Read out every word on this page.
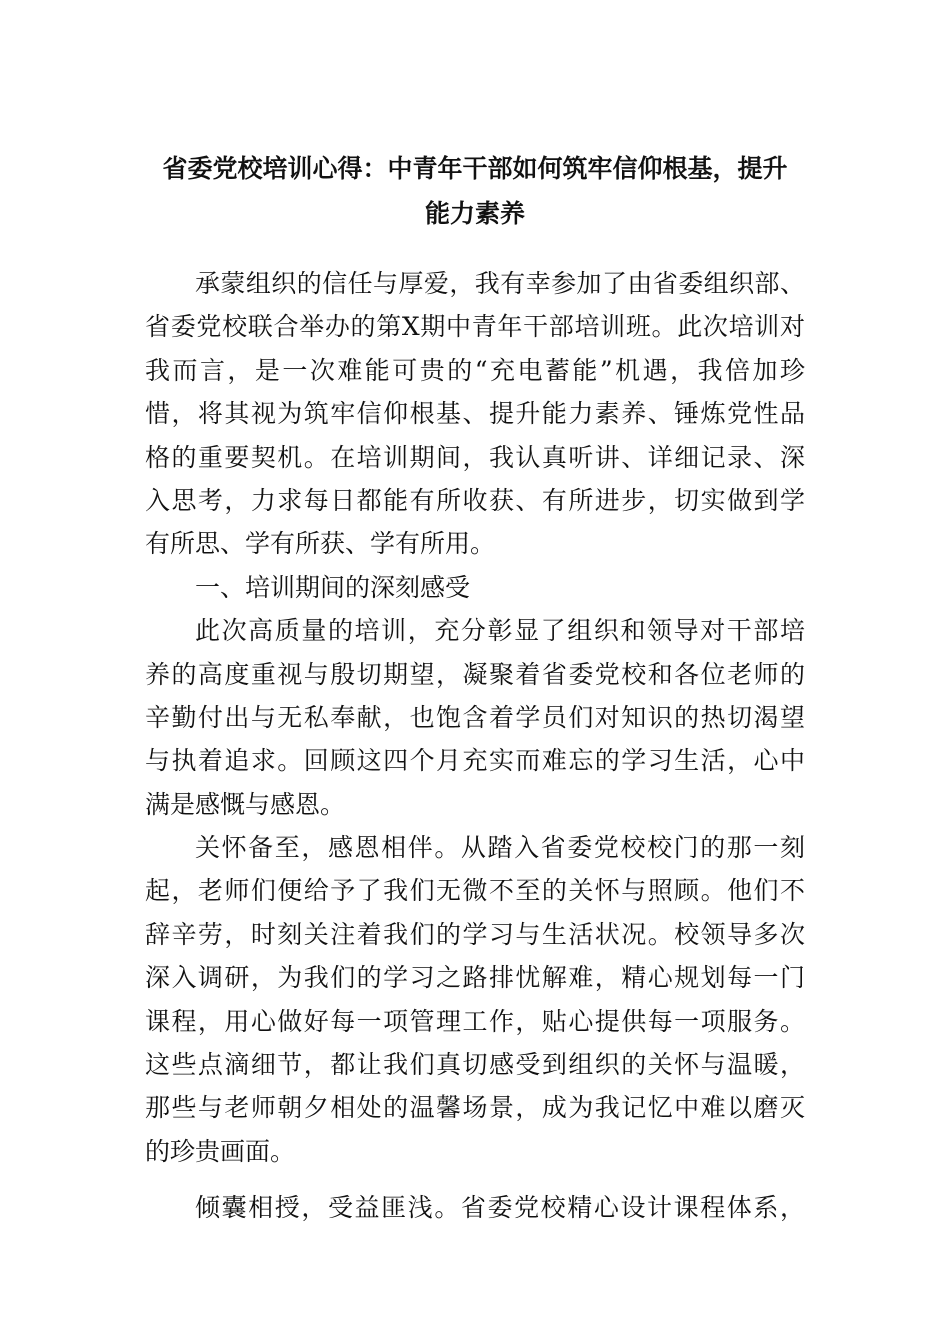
省委党校培训心得：中青年干部如何筑牢信仰根基，提升
能力素养
承蒙组织的信任与厚爱，我有幸参加了由省委组织部、
省委党校联合举办的第X期中青年干部培训班。此次培训对
我而言，是一次难能可贵的“充电蓄能”机遇，我倍加珍
惜，将其视为筑牢信仰根基、提升能力素养、锤炼党性品
格的重要契机。在培训期间，我认真听讲、详细记录、深
入思考，力求每日都能有所收获、有所进步，切实做到学
有所思、学有所获、学有所用。
一、培训期间的深刻感受
此次高质量的培训，充分彰显了组织和领导对干部培
养的高度重视与殷切期望，凝聚着省委党校和各位老师的
辛勤付出与无私奉献，也饱含着学员们对知识的热切渴望
与执着追求。回顾这四个月充实而难忘的学习生活，心中
满是感慨与感恩。
关怀备至，感恩相伴。从踏入省委党校校门的那一刻
起，老师们便给予了我们无微不至的关怀与照顾。他们不
辞辛劳，时刻关注着我们的学习与生活状况。校领导多次
深入调研，为我们的学习之路排忧解难，精心规划每一门
课程，用心做好每一项管理工作，贴心提供每一项服务。
这些点滴细节，都让我们真切感受到组织的关怀与温暖，
那些与老师朝夕相处的温馨场景，成为我记忆中难以磨灭
的珍贵画面。
倾囊相授，受益匪浅。省委党校精心设计课程体系，
